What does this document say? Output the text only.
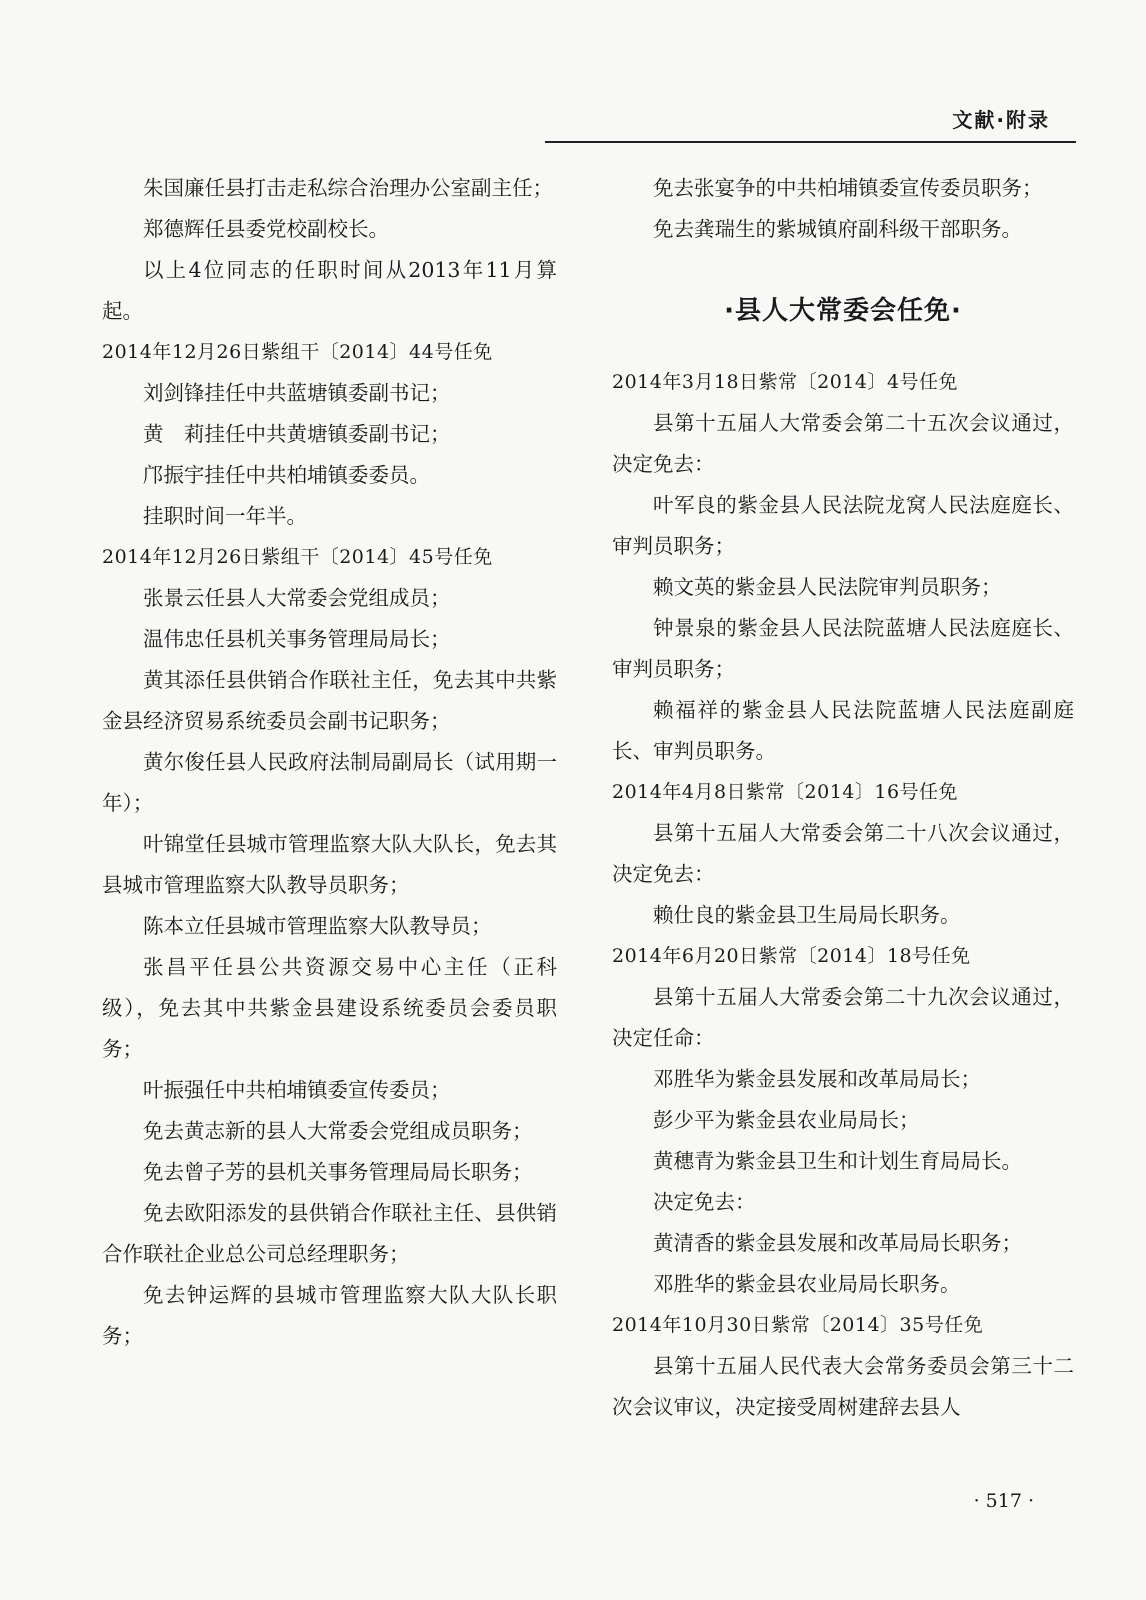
文献·附录

朱国廉任县打击走私综合治理办公室副主任；

郑德辉任县委党校副校长。

以上4位同志的任职时间从2013年11月算起。

2014年12月26日紫组干〔2014〕44号任免

刘剑锋挂任中共蓝塘镇委副书记；

黄　莉挂任中共黄塘镇委副书记；

邝振宇挂任中共柏埔镇委委员。

挂职时间一年半。

2014年12月26日紫组干〔2014〕45号任免

张景云任县人大常委会党组成员；

温伟忠任县机关事务管理局局长；

黄其添任县供销合作联社主任，免去其中共紫金县经济贸易系统委员会副书记职务；

黄尔俊任县人民政府法制局副局长（试用期一年）；

叶锦堂任县城市管理监察大队大队长，免去其县城市管理监察大队教导员职务；

陈本立任县城市管理监察大队教导员；

张昌平任县公共资源交易中心主任（正科级），免去其中共紫金县建设系统委员会委员职务；

叶振强任中共柏埔镇委宣传委员；

免去黄志新的县人大常委会党组成员职务；

免去曾子芳的县机关事务管理局局长职务；

免去欧阳添发的县供销合作联社主任、县供销合作联社企业总公司总经理职务；

免去钟运辉的县城市管理监察大队大队长职务；

免去张宴争的中共柏埔镇委宣传委员职务；

免去龚瑞生的紫城镇府副科级干部职务。

·县人大常委会任免·

2014年3月18日紫常〔2014〕4号任免

县第十五届人大常委会第二十五次会议通过，决定免去：

叶军良的紫金县人民法院龙窝人民法庭庭长、审判员职务；

赖文英的紫金县人民法院审判员职务；

钟景泉的紫金县人民法院蓝塘人民法庭庭长、审判员职务；

赖福祥的紫金县人民法院蓝塘人民法庭副庭长、审判员职务。

2014年4月8日紫常〔2014〕16号任免

县第十五届人大常委会第二十八次会议通过，决定免去：

赖仕良的紫金县卫生局局长职务。

2014年6月20日紫常〔2014〕18号任免

县第十五届人大常委会第二十九次会议通过，决定任命：

邓胜华为紫金县发展和改革局局长；

彭少平为紫金县农业局局长；

黄穗青为紫金县卫生和计划生育局局长。

决定免去：

黄清香的紫金县发展和改革局局长职务；

邓胜华的紫金县农业局局长职务。

2014年10月30日紫常〔2014〕35号任免

县第十五届人民代表大会常务委员会第三十二次会议审议，决定接受周树建辞去县人

· 517 ·
